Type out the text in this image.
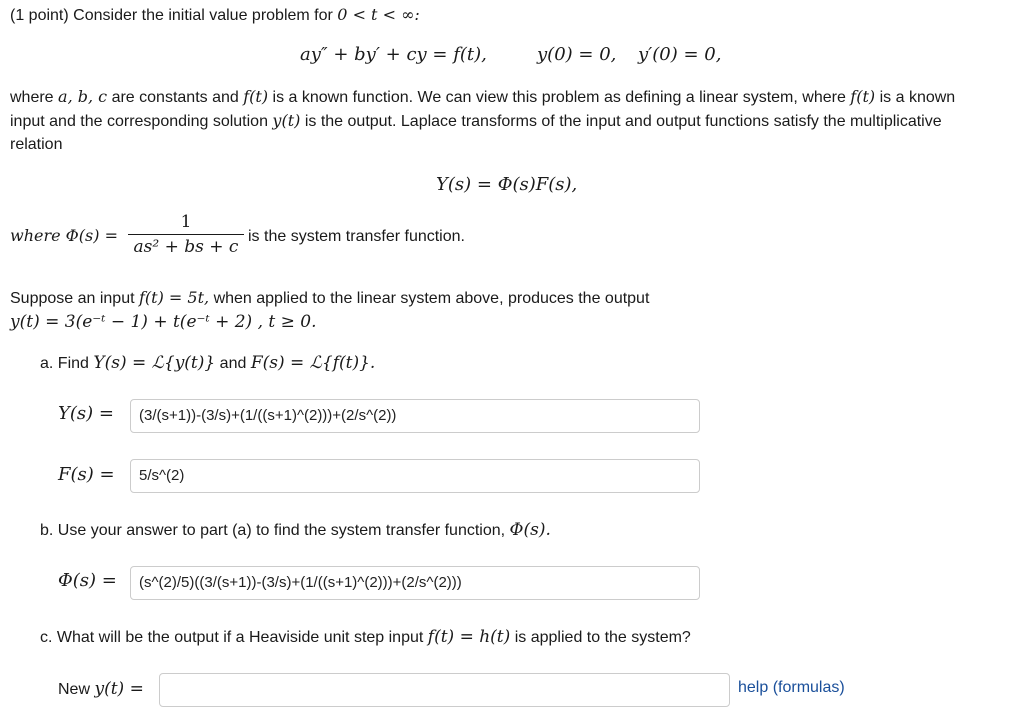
(1 point) Consider the initial value problem for 0 < t < ∞:
ay″ + by′ + cy = f(t),	y(0) = 0, y′(0) = 0,
where a, b, c are constants and f(t) is a known function. We can view this problem as defining a linear system, where f(t) is a known
input and the corresponding solution y(t) is the output. Laplace transforms of the input and output functions satisfy the multiplicative
relation
Y(s) = Φ(s)F(s),
where Φ(s) =
1
as² + bs + c
is the system transfer function.
Suppose an input f(t) = 5t, when applied to the linear system above, produces the output
y(t) = 3(e⁻ᵗ − 1) + t(e⁻ᵗ + 2) , t ≥ 0.
a. Find Y(s) = ℒ{y(t)} and F(s) = ℒ{f(t)}.
Y(s) =	(3/(s+1))-(3/s)+(1/((s+1)^(2)))+(2/s^(2))
F(s) =	5/s^(2)
b. Use your answer to part (a) to find the system transfer function, Φ(s).
Φ(s) =	(s^(2)/5)((3/(s+1))-(3/s)+(1/((s+1)^(2)))+(2/s^(2)))
c. What will be the output if a Heaviside unit step input f(t) = h(t) is applied to the system?
New y(t) =	help (formulas)
